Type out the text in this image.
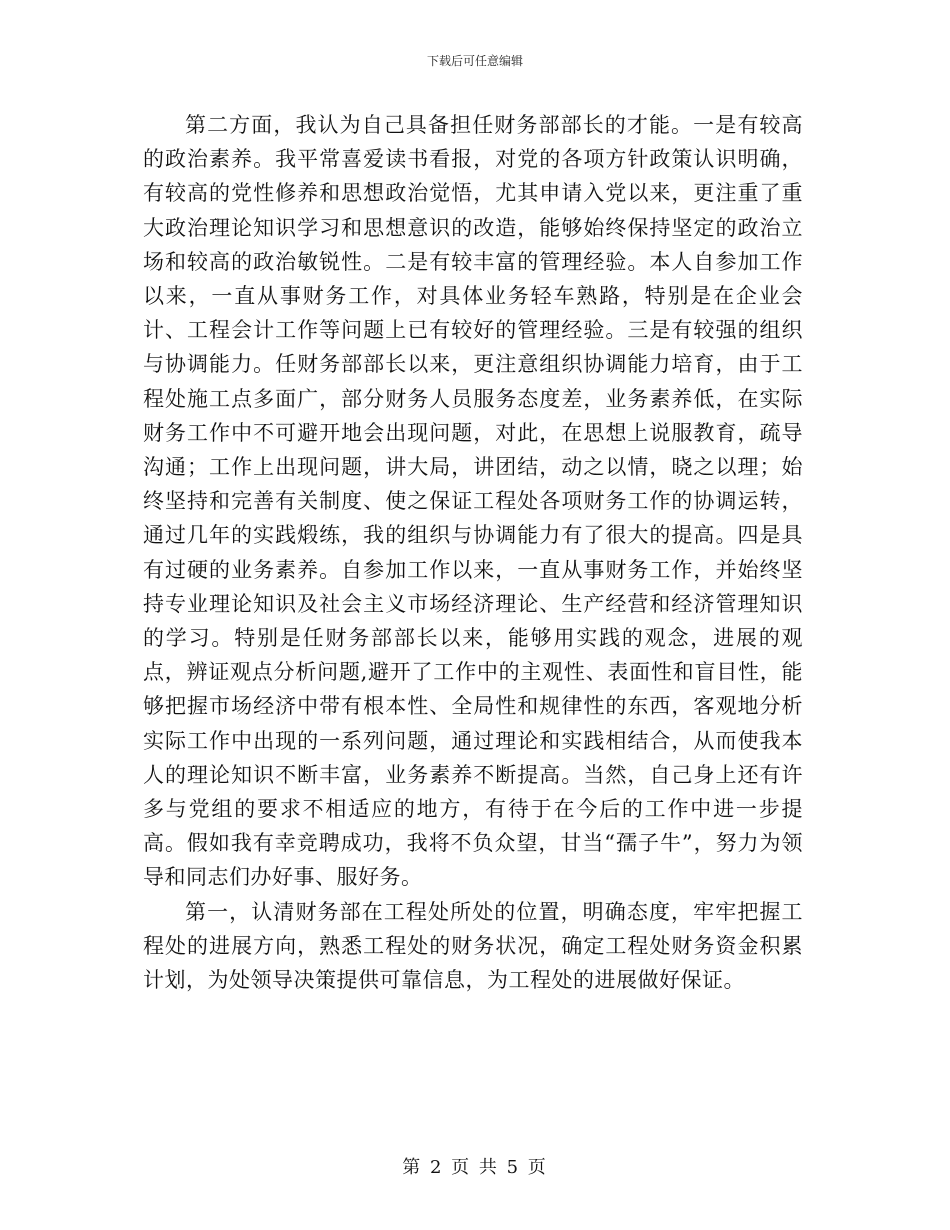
下载后可任意编辑

第二方面，我认为自己具备担任财务部部长的才能。一是有较高的政治素养。我平常喜爱读书看报，对党的各项方针政策认识明确，有较高的党性修养和思想政治觉悟，尤其申请入党以来，更注重了重大政治理论知识学习和思想意识的改造，能够始终保持坚定的政治立场和较高的政治敏锐性。二是有较丰富的管理经验。本人自参加工作以来，一直从事财务工作，对具体业务轻车熟路，特别是在企业会计、工程会计工作等问题上已有较好的管理经验。三是有较强的组织与协调能力。任财务部部长以来，更注意组织协调能力培育，由于工程处施工点多面广，部分财务人员服务态度差，业务素养低，在实际财务工作中不可避开地会出现问题，对此，在思想上说服教育，疏导沟通；工作上出现问题，讲大局，讲团结，动之以情，晓之以理；始终坚持和完善有关制度、使之保证工程处各项财务工作的协调运转，通过几年的实践煅练，我的组织与协调能力有了很大的提高。四是具有过硬的业务素养。自参加工作以来，一直从事财务工作，并始终坚持专业理论知识及社会主义市场经济理论、生产经营和经济管理知识的学习。特别是任财务部部长以来，能够用实践的观念，进展的观点，辨证观点分析问题,避开了工作中的主观性、表面性和盲目性，能够把握市场经济中带有根本性、全局性和规律性的东西，客观地分析实际工作中出现的一系列问题，通过理论和实践相结合，从而使我本人的理论知识不断丰富，业务素养不断提高。当然，自己身上还有许多与党组的要求不相适应的地方，有待于在今后的工作中进一步提高。假如我有幸竞聘成功，我将不负众望，甘当“孺子牛”，努力为领导和同志们办好事、服好务。

第一，认清财务部在工程处所处的位置，明确态度，牢牢把握工程处的进展方向，熟悉工程处的财务状况，确定工程处财务资金积累计划，为处领导决策提供可靠信息，为工程处的进展做好保证。

第 2 页 共 5 页
